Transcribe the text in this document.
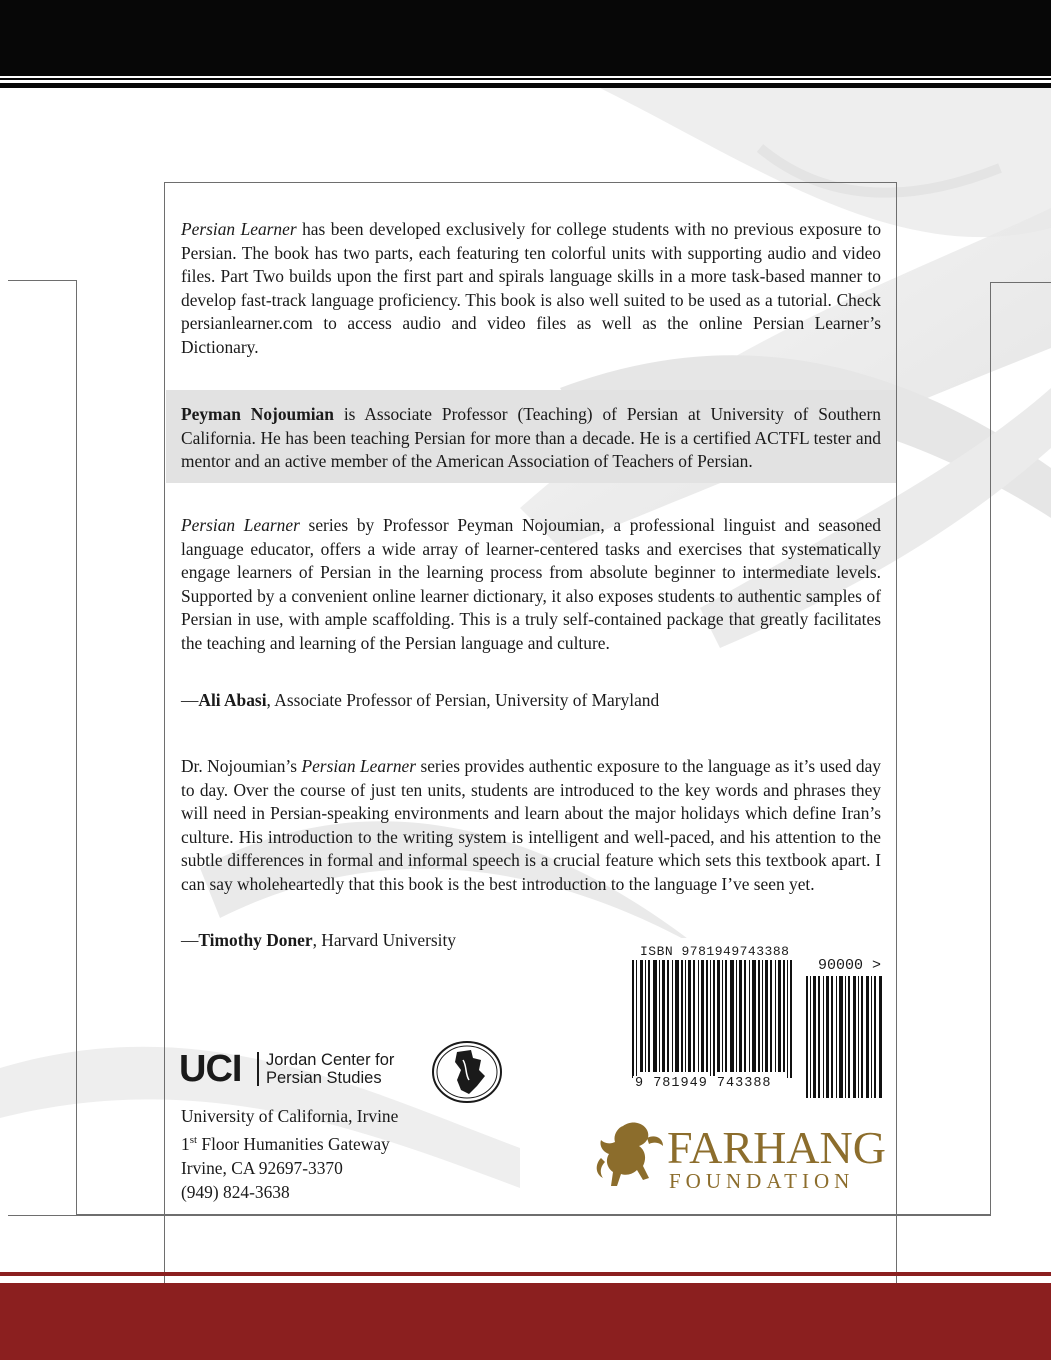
Persian Learner has been developed exclusively for college students with no previous exposure to Persian. The book has two parts, each featuring ten colorful units with supporting audio and video files. Part Two builds upon the first part and spirals language skills in a more task-based manner to develop fast-track language proficiency. This book is also well suited to be used as a tutorial. Check persianlearner.com to access audio and video files as well as the online Persian Learner’s Dictionary.

Peyman Nojoumian is Associate Professor (Teaching) of Persian at University of Southern California. He has been teaching Persian for more than a decade. He is a certified ACTFL tester and mentor and an active member of the American Association of Teachers of Persian.

Persian Learner series by Professor Peyman Nojoumian, a professional linguist and seasoned language educator, offers a wide array of learner-centered tasks and exercises that systematically engage learners of Persian in the learning process from absolute beginner to intermediate levels. Supported by a convenient online learner dictionary, it also exposes students to authentic samples of Persian in use, with ample scaffolding. This is a truly self-contained package that greatly facilitates the teaching and learning of the Persian language and culture.

—Ali Abasi, Associate Professor of Persian, University of Maryland

Dr. Nojoumian’s Persian Learner series provides authentic exposure to the language as it’s used day to day. Over the course of just ten units, students are introduced to the key words and phrases they will need in Persian-speaking environments and learn about the major holidays which define Iran’s culture. His introduction to the writing system is intelligent and well-paced, and his attention to the subtle differences in formal and informal speech is a crucial feature which sets this textbook apart. I can say wholeheartedly that this book is the best introduction to the language I’ve seen yet.

—Timothy Doner, Harvard University

UCI	Jordan Center for
Persian Studies
University of California, Irvine
1st Floor Humanities Gateway
Irvine, CA 92697-3370
(949) 824-3638
ISBN 9781949743388
90000 >
9 781949 743388
FARHANG
FOUNDATION
